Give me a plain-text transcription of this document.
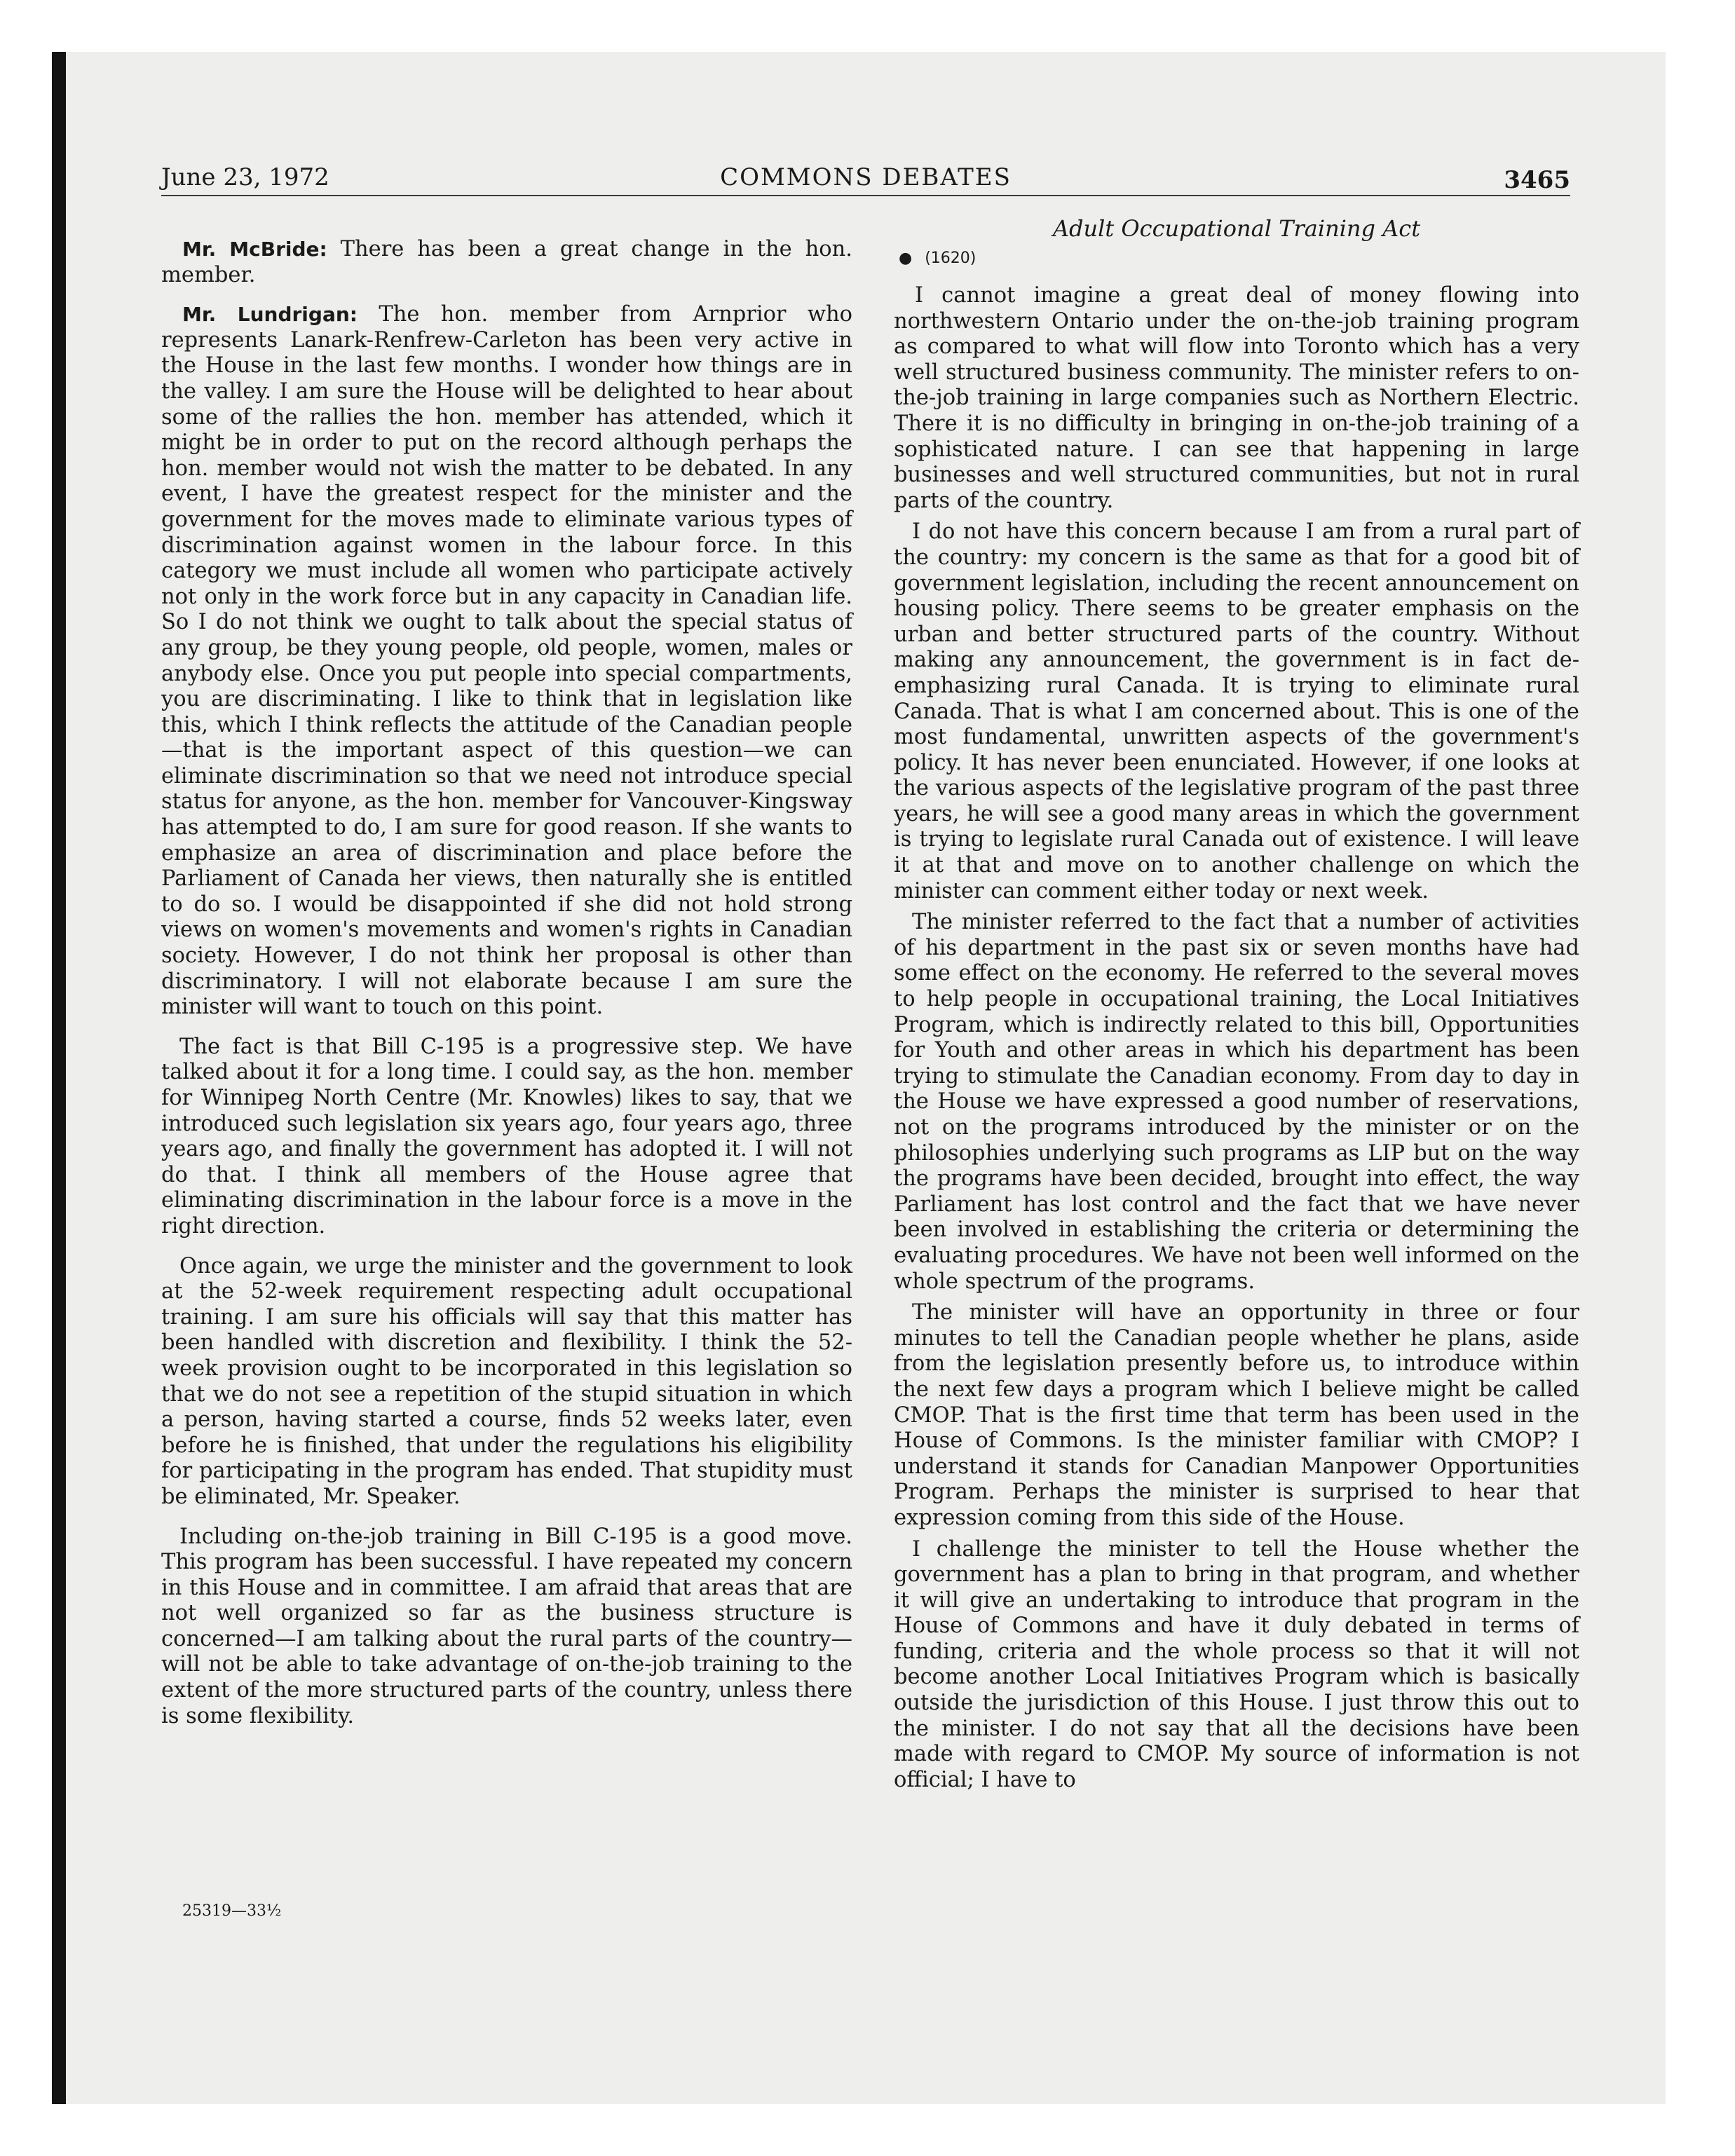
June 23, 1972	COMMONS DEBATES	3465

Mr. McBride: There has been a great change in the hon. member.

Mr. Lundrigan: The hon. member from Arnprior who represents Lanark-Renfrew-Carleton has been very active in the House in the last few months. I wonder how things are in the valley. I am sure the House will be delighted to hear about some of the rallies the hon. member has attended, which it might be in order to put on the record although perhaps the hon. member would not wish the matter to be debated. In any event, I have the greatest respect for the minister and the government for the moves made to eliminate various types of discrimination against women in the labour force. In this category we must include all women who participate actively not only in the work force but in any capacity in Canadian life. So I do not think we ought to talk about the special status of any group, be they young people, old people, women, males or anybody else. Once you put people into special compartments, you are discriminating. I like to think that in legislation like this, which I think reflects the attitude of the Canadian people—that is the important aspect of this question—we can eliminate discrimination so that we need not introduce special status for anyone, as the hon. member for Vancouver-Kingsway has attempted to do, I am sure for good reason. If she wants to emphasize an area of discrimination and place before the Parliament of Canada her views, then naturally she is entitled to do so. I would be disappointed if she did not hold strong views on women's movements and women's rights in Canadian society. However, I do not think her proposal is other than discriminatory. I will not elaborate because I am sure the minister will want to touch on this point.

The fact is that Bill C-195 is a progressive step. We have talked about it for a long time. I could say, as the hon. member for Winnipeg North Centre (Mr. Knowles) likes to say, that we introduced such legislation six years ago, four years ago, three years ago, and finally the government has adopted it. I will not do that. I think all members of the House agree that eliminating discrimination in the labour force is a move in the right direction.

Once again, we urge the minister and the government to look at the 52-week requirement respecting adult occupational training. I am sure his officials will say that this matter has been handled with discretion and flexibility. I think the 52-week provision ought to be incorporated in this legislation so that we do not see a repetition of the stupid situation in which a person, having started a course, finds 52 weeks later, even before he is finished, that under the regulations his eligibility for participating in the program has ended. That stupidity must be eliminated, Mr. Speaker.

Including on-the-job training in Bill C-195 is a good move. This program has been successful. I have repeated my concern in this House and in committee. I am afraid that areas that are not well organized so far as the business structure is concerned—I am talking about the rural parts of the country—will not be able to take advantage of on-the-job training to the extent of the more structured parts of the country, unless there is some flexibility.

Adult Occupational Training Act
● (1620)

I cannot imagine a great deal of money flowing into northwestern Ontario under the on-the-job training program as compared to what will flow into Toronto which has a very well structured business community. The minister refers to on-the-job training in large companies such as Northern Electric. There it is no difficulty in bringing in on-the-job training of a sophisticated nature. I can see that happening in large businesses and well structured communities, but not in rural parts of the country.

I do not have this concern because I am from a rural part of the country: my concern is the same as that for a good bit of government legislation, including the recent announcement on housing policy. There seems to be greater emphasis on the urban and better structured parts of the country. Without making any announcement, the government is in fact de-emphasizing rural Canada. It is trying to eliminate rural Canada. That is what I am concerned about. This is one of the most fundamental, unwritten aspects of the government's policy. It has never been enunciated. However, if one looks at the various aspects of the legislative program of the past three years, he will see a good many areas in which the government is trying to legislate rural Canada out of existence. I will leave it at that and move on to another challenge on which the minister can comment either today or next week.

The minister referred to the fact that a number of activities of his department in the past six or seven months have had some effect on the economy. He referred to the several moves to help people in occupational training, the Local Initiatives Program, which is indirectly related to this bill, Opportunities for Youth and other areas in which his department has been trying to stimulate the Canadian economy. From day to day in the House we have expressed a good number of reservations, not on the programs introduced by the minister or on the philosophies underlying such programs as LIP but on the way the programs have been decided, brought into effect, the way Parliament has lost control and the fact that we have never been involved in establishing the criteria or determining the evaluating procedures. We have not been well informed on the whole spectrum of the programs.

The minister will have an opportunity in three or four minutes to tell the Canadian people whether he plans, aside from the legislation presently before us, to introduce within the next few days a program which I believe might be called CMOP. That is the first time that term has been used in the House of Commons. Is the minister familiar with CMOP? I understand it stands for Canadian Manpower Opportunities Program. Perhaps the minister is surprised to hear that expression coming from this side of the House.

I challenge the minister to tell the House whether the government has a plan to bring in that program, and whether it will give an undertaking to introduce that program in the House of Commons and have it duly debated in terms of funding, criteria and the whole process so that it will not become another Local Initiatives Program which is basically outside the jurisdiction of this House. I just throw this out to the minister. I do not say that all the decisions have been made with regard to CMOP. My source of information is not official; I have to

25319—33½
